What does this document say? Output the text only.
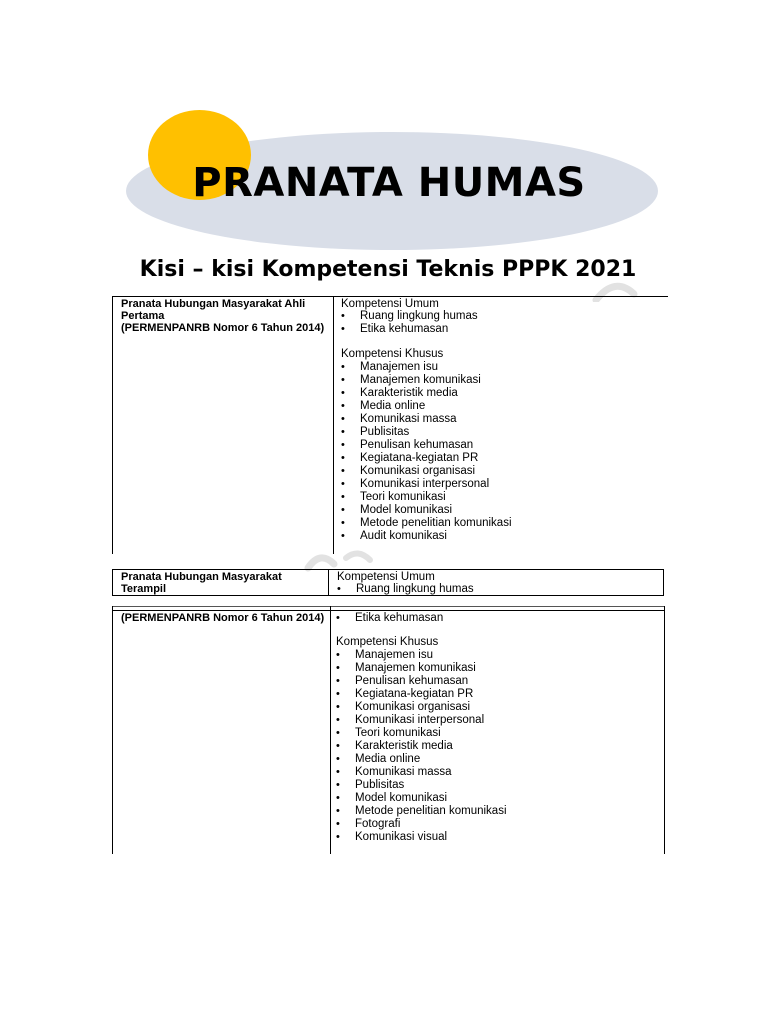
PRANATA HUMAS
Kisi – kisi Kompetensi Teknis PPPK 2021
Pranata Hubungan Masyarakat Ahli Pertama
(PERMENPANRB Nomor 6 Tahun 2014)
Kompetensi Umum
• Ruang lingkung humas
• Etika kehumasan
Kompetensi Khusus
• Manajemen isu
• Manajemen komunikasi
• Karakteristik media
• Media online
• Komunikasi massa
• Publisitas
• Penulisan kehumasan
• Kegiatana-kegiatan PR
• Komunikasi organisasi
• Komunikasi interpersonal
• Teori komunikasi
• Model komunikasi
• Metode penelitian komunikasi
• Audit komunikasi
Pranata Hubungan Masyarakat Terampil
Kompetensi Umum
• Ruang lingkung humas
(PERMENPANRB Nomor 6 Tahun 2014)
•	Etika kehumasan
Kompetensi Khusus
• Manajemen isu
• Manajemen komunikasi
• Penulisan kehumasan
• Kegiatana-kegiatan PR
• Komunikasi organisasi
• Komunikasi interpersonal
• Teori komunikasi
• Karakteristik media
• Media online
• Komunikasi massa
• Publisitas
• Model komunikasi
• Metode penelitian komunikasi
• Fotografi
• Komunikasi visual
